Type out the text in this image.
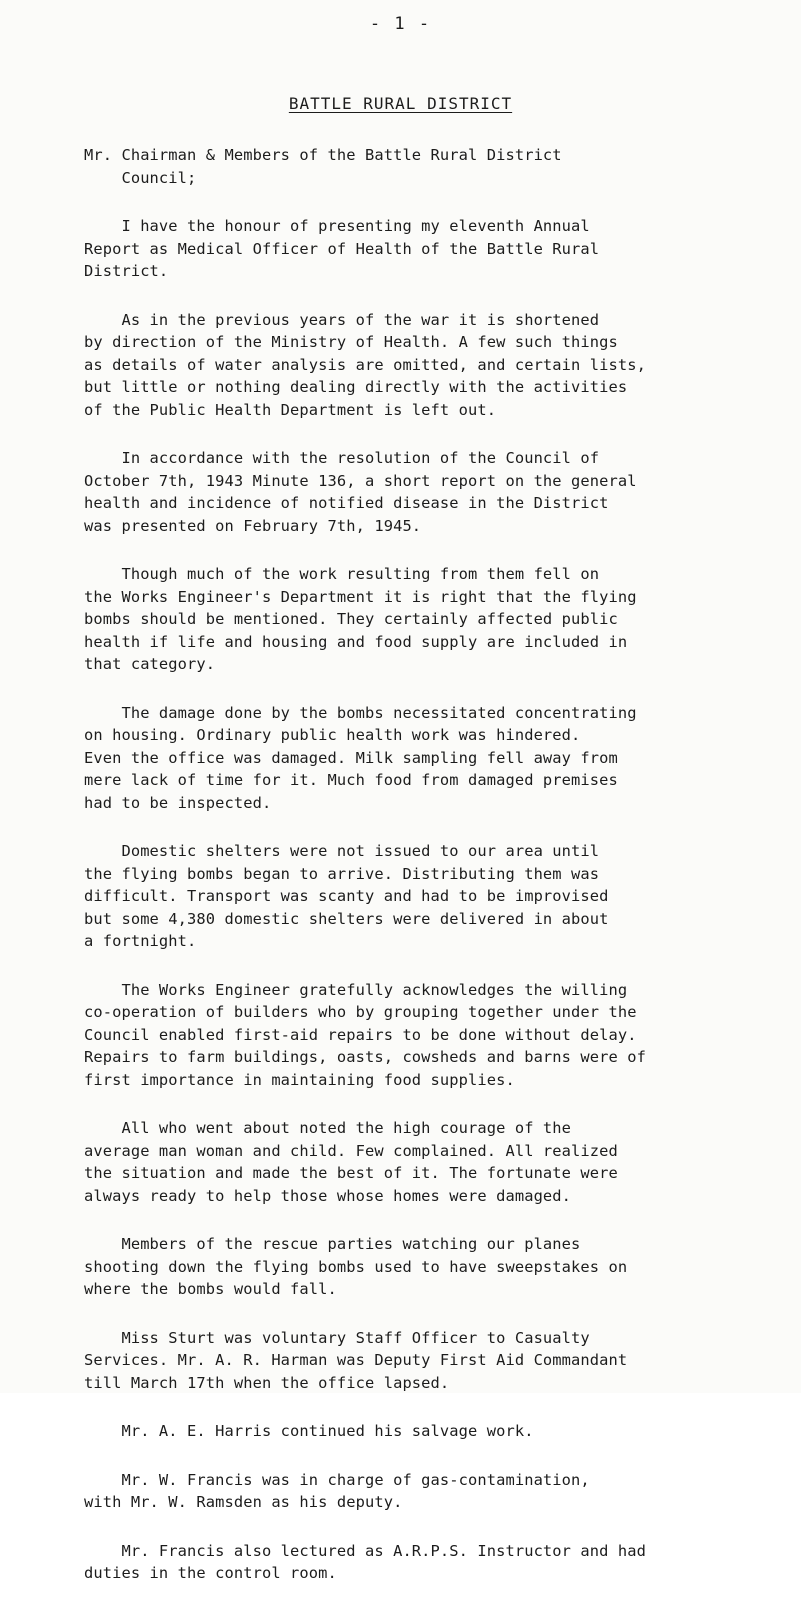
- 1 -
BATTLE RURAL DISTRICT

Mr. Chairman & Members of the Battle Rural District
Council;

I have the honour of presenting my eleventh Annual
Report as Medical Officer of Health of the Battle Rural
District.

As in the previous years of the war it is shortened
by direction of the Ministry of Health. A few such things
as details of water analysis are omitted, and certain lists,
but little or nothing dealing directly with the activities
of the Public Health Department is left out.

In accordance with the resolution of the Council of
October 7th, 1943 Minute 136, a short report on the general
health and incidence of notified disease in the District
was presented on February 7th, 1945.

Though much of the work resulting from them fell on
the Works Engineer's Department it is right that the flying
bombs should be mentioned. They certainly affected public
health if life and housing and food supply are included in
that category.

The damage done by the bombs necessitated concentrating
on housing. Ordinary public health work was hindered.
Even the office was damaged. Milk sampling fell away from
mere lack of time for it. Much food from damaged premises
had to be inspected.

Domestic shelters were not issued to our area until
the flying bombs began to arrive. Distributing them was
difficult. Transport was scanty and had to be improvised
but some 4,380 domestic shelters were delivered in about
a fortnight.

The Works Engineer gratefully acknowledges the willing
co-operation of builders who by grouping together under the
Council enabled first-aid repairs to be done without delay.
Repairs to farm buildings, oasts, cowsheds and barns were of
first importance in maintaining food supplies.

All who went about noted the high courage of the
average man woman and child. Few complained. All realized
the situation and made the best of it. The fortunate were
always ready to help those whose homes were damaged.

Members of the rescue parties watching our planes
shooting down the flying bombs used to have sweepstakes on
where the bombs would fall.

Miss Sturt was voluntary Staff Officer to Casualty
Services. Mr. A. R. Harman was Deputy First Aid Commandant
till March 17th when the office lapsed.

Mr. A. E. Harris continued his salvage work.

Mr. W. Francis was in charge of gas-contamination,
with Mr. W. Ramsden as his deputy.

Mr. Francis also lectured as A.R.P.S. Instructor and had
duties in the control room.
